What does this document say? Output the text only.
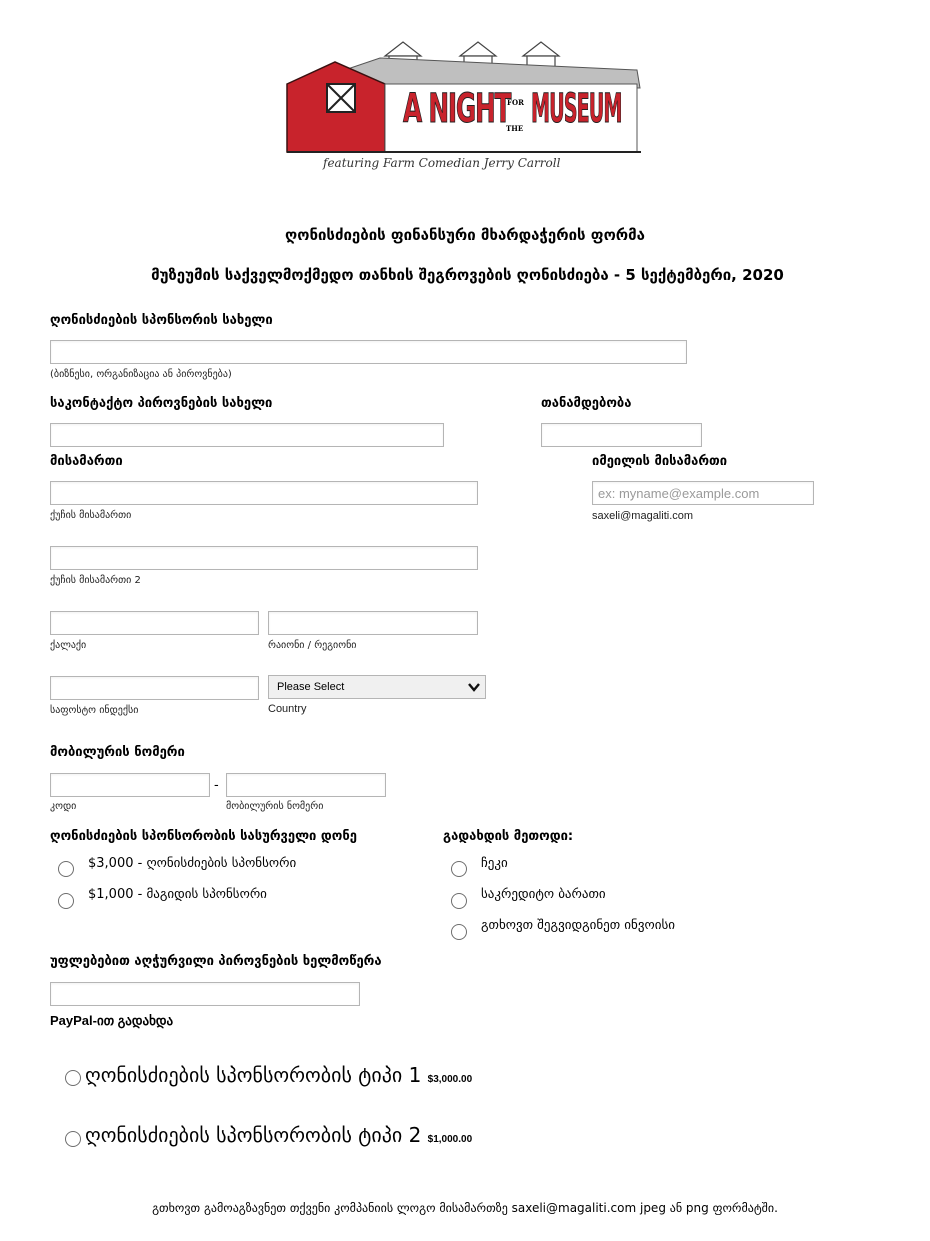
A NIGHT
FOR
THE MUSEUM
featuring Farm Comedian Jerry Carroll
ღონისძიების ფინანსური მხარდაჭერის ფორმა
მუზეუმის საქველმოქმედო თანხის შეგროვების ღონისძიება - 5 სექტემბერი, 2020
ღონისძიების სპონსორის სახელი
(ბიზნესი, ორგანიზაცია ან პიროვნება)
საკონტაქტო პიროვნების სახელი	თანამდებობა
მისამართი
ქუჩის მისამართი
ქუჩის მისამართი 2
ქალაქი	რაიონი / რეგიონი
საფოსტო ინდექსი
Please Select
Country
იმეილის მისამართი
ex: myname@example.com
saxeli@magaliti.com
მობილურის ნომერი
-
კოდი	მობილურის ნომერი
ღონისძიების სპონსორობის სასურველი დონე
$3,000 - ღონისძიების სპონსორი
$1,000 - მაგიდის სპონსორი
გადახდის მეთოდი:
ჩეკი
საკრედიტო ბარათი
გთხოვთ შეგვიდგინეთ ინვოისი
უფლებებით აღჭურვილი პიროვნების ხელმოწერა
PayPal-ით გადახდა
ღონისძიების სპონსორობის ტიპი 1 $3,000.00
ღონისძიების სპონსორობის ტიპი 2 $1,000.00
გთხოვთ გამოაგზავნეთ თქვენი კომპანიის ლოგო მისამართზე saxeli@magaliti.com jpeg ან png ფორმატში.
